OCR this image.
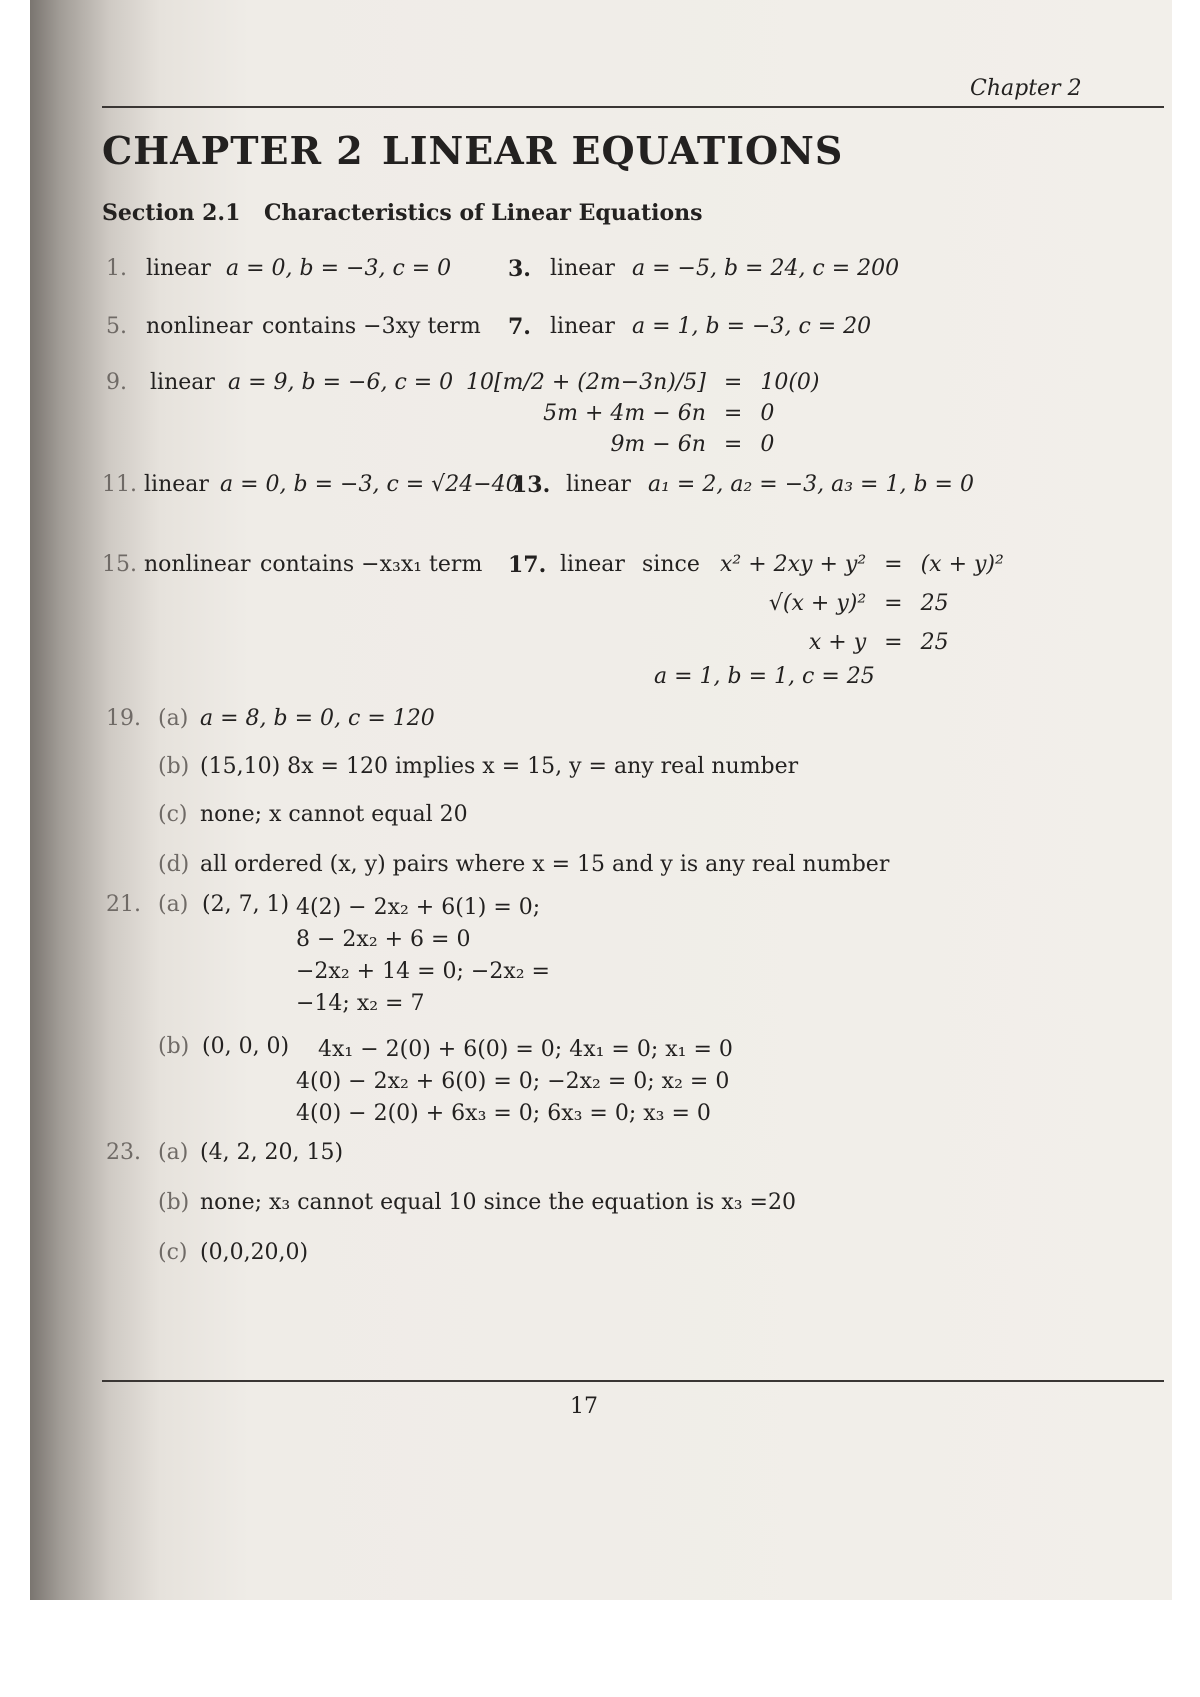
Chapter 2
CHAPTER 2 LINEAR EQUATIONS
Section 2.1 Characteristics of Linear Equations
1. linear a = 0, b = −3, c = 0	3. linear a = −5, b = 24, c = 200
5. nonlinear contains −3xy term 7. linear a = 1, b = −3, c = 20
9. linear a = 9, b = −6, c = 0 10[m/2 + (2m−3n)/5] = 10(0)
5m + 4m − 6n = 0
9m − 6n = 0
11. linear a = 0, b = −3, c = √24−40
13. linear a₁ = 2, a₂ = −3, a₃ = 1, b = 0
15. nonlinear contains −x₃x₁ term 17. linear since x² + 2xy + y² = (x + y)²
√(x + y)² = 25
x + y = 25
a = 1, b = 1, c = 25
19. (a) a = 8, b = 0, c = 120
(b) (15,10) 8x = 120 implies x = 15, y = any real number
(c) none; x cannot equal 20
(d) all ordered (x, y) pairs where x = 15 and y is any real number
21. (a) (2, 7, 1) 4(2) − 2x₂ + 6(1) = 0;
8 − 2x₂ + 6 = 0
−2x₂ + 14 = 0; −2x₂ =
−14; x₂ = 7
(b) (0, 0, 0)	4x₁ − 2(0) + 6(0) = 0; 4x₁ = 0; x₁ = 0
4(0) − 2x₂ + 6(0) = 0; −2x₂ = 0; x₂ = 0
4(0) − 2(0) + 6x₃ = 0; 6x₃ = 0; x₃ = 0
23. (a) (4, 2, 20, 15)
(b) none; x₃ cannot equal 10 since the equation is x₃ =20
(c) (0,0,20,0)
17
